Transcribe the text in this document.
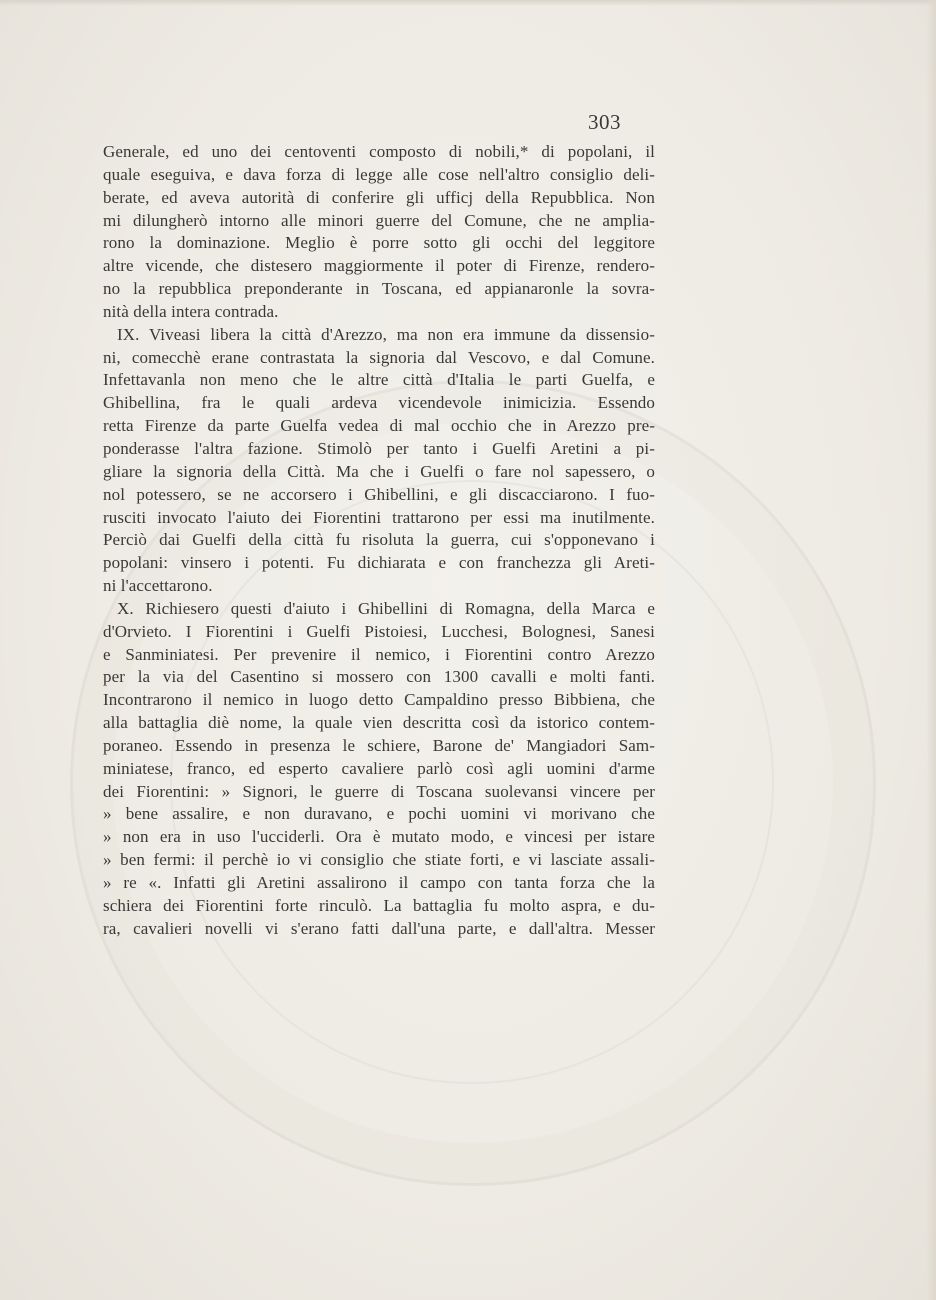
303
Generale, ed uno dei centoventi composto di nobili,* di popolani, il
quale eseguiva, e dava forza di legge alle cose nell'altro consiglio deli-
berate, ed aveva autorità di conferire gli ufficj della Repubblica. Non
mi dilungherò intorno alle minori guerre del Comune, che ne amplia-
rono la dominazione. Meglio è porre sotto gli occhi del leggitore
altre vicende, che distesero maggiormente il poter di Firenze, rendero-
no la repubblica preponderante in Toscana, ed appianaronle la sovra-
nità della intera contrada.
IX. Viveasi libera la città d'Arezzo, ma non era immune da dissensio-
ni, comecchè erane contrastata la signoria dal Vescovo, e dal Comune.
Infettavanla non meno che le altre città d'Italia le parti Guelfa, e
Ghibellina, fra le quali ardeva vicendevole inimicizia. Essendo
retta Firenze da parte Guelfa vedea di mal occhio che in Arezzo pre-
ponderasse l'altra fazione. Stimolò per tanto i Guelfi Aretini a pi-
gliare la signoria della Città. Ma che i Guelfi o fare nol sapessero, o
nol potessero, se ne accorsero i Ghibellini, e gli discacciarono. I fuo-
rusciti invocato l'aiuto dei Fiorentini trattarono per essi ma inutilmente.
Perciò dai Guelfi della città fu risoluta la guerra, cui s'opponevano i
popolani: vinsero i potenti. Fu dichiarata e con franchezza gli Areti-
ni l'accettarono.
X. Richiesero questi d'aiuto i Ghibellini di Romagna, della Marca e
d'Orvieto. I Fiorentini i Guelfi Pistoiesi, Lucchesi, Bolognesi, Sanesi
e Sanminiatesi. Per prevenire il nemico, i Fiorentini contro Arezzo
per la via del Casentino si mossero con 1300 cavalli e molti fanti.
Incontrarono il nemico in luogo detto Campaldino presso Bibbiena, che
alla battaglia diè nome, la quale vien descritta così da istorico contem-
poraneo. Essendo in presenza le schiere, Barone de' Mangiadori Sam-
miniatese, franco, ed esperto cavaliere parlò così agli uomini d'arme
dei Fiorentini: » Signori, le guerre di Toscana suolevansi vincere per
» bene assalire, e non duravano, e pochi uomini vi morivano che
» non era in uso l'ucciderli. Ora è mutato modo, e vincesi per istare
» ben fermi: il perchè io vi consiglio che stiate forti, e vi lasciate assali-
» re «. Infatti gli Aretini assalirono il campo con tanta forza che la
schiera dei Fiorentini forte rinculò. La battaglia fu molto aspra, e du-
ra, cavalieri novelli vi s'erano fatti dall'una parte, e dall'altra. Messer
